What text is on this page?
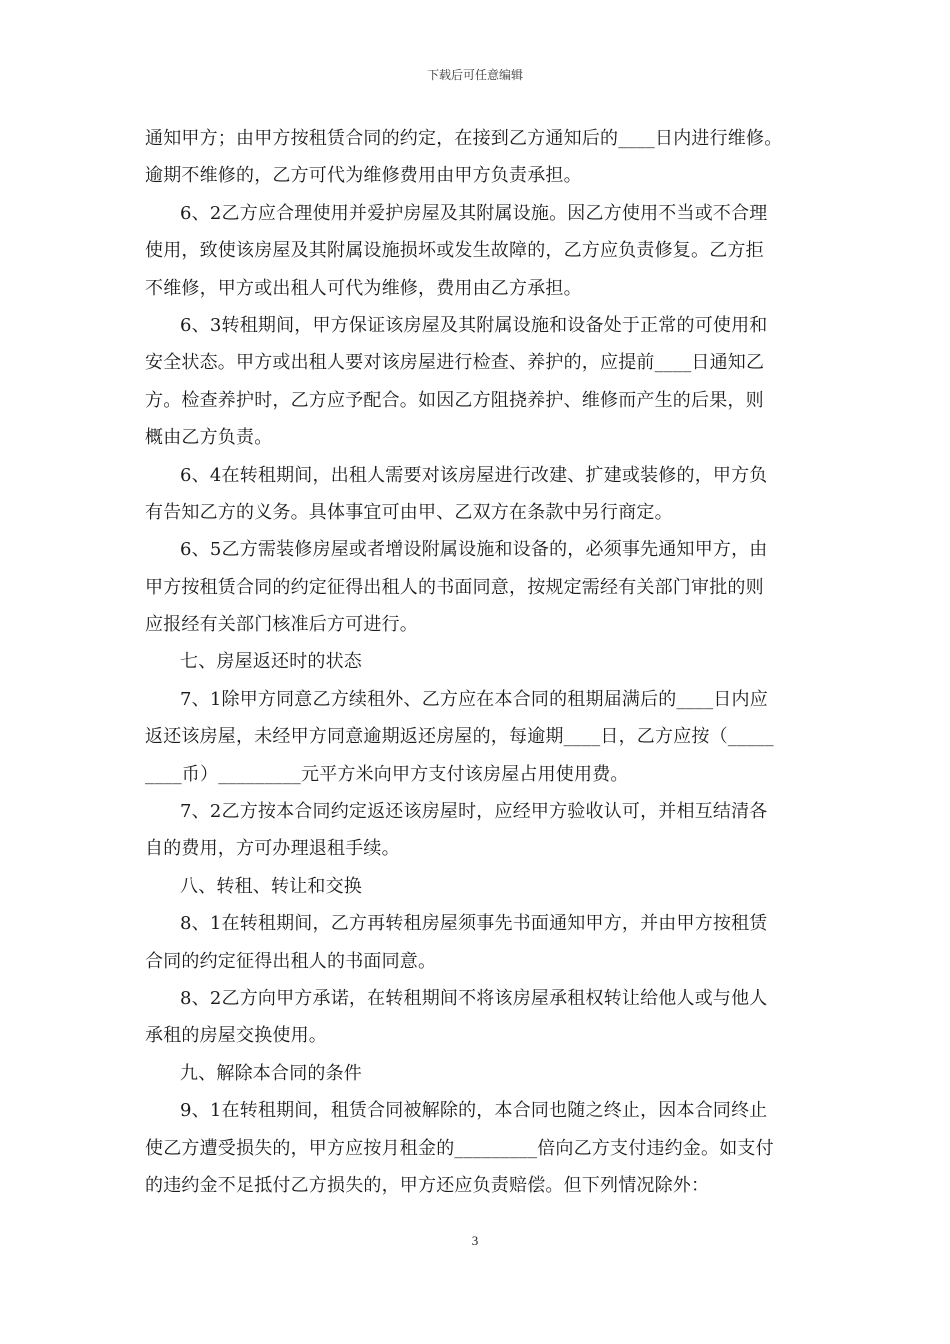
下载后可任意编辑
通知甲方；由甲方按租赁合同的约定，在接到乙方通知后的____日内进行维修。
逾期不维修的，乙方可代为维修费用由甲方负责承担。
6、2乙方应合理使用并爱护房屋及其附属设施。因乙方使用不当或不合理
使用，致使该房屋及其附属设施损坏或发生故障的，乙方应负责修复。乙方拒
不维修，甲方或出租人可代为维修，费用由乙方承担。
6、3转租期间，甲方保证该房屋及其附属设施和设备处于正常的可使用和
安全状态。甲方或出租人要对该房屋进行检查、养护的，应提前____日通知乙
方。检查养护时，乙方应予配合。如因乙方阻挠养护、维修而产生的后果，则
概由乙方负责。
6、4在转租期间，出租人需要对该房屋进行改建、扩建或装修的，甲方负
有告知乙方的义务。具体事宜可由甲、乙双方在条款中另行商定。
6、5乙方需装修房屋或者增设附属设施和设备的，必须事先通知甲方，由
甲方按租赁合同的约定征得出租人的书面同意，按规定需经有关部门审批的则
应报经有关部门核准后方可进行。
七、房屋返还时的状态
7、1除甲方同意乙方续租外、乙方应在本合同的租期届满后的____日内应
返还该房屋，未经甲方同意逾期返还房屋的，每逾期____日，乙方应按（_____
____币）_________元平方米向甲方支付该房屋占用使用费。
7、2乙方按本合同约定返还该房屋时，应经甲方验收认可，并相互结清各
自的费用，方可办理退租手续。
八、转租、转让和交换
8、1在转租期间，乙方再转租房屋须事先书面通知甲方，并由甲方按租赁
合同的约定征得出租人的书面同意。
8、2乙方向甲方承诺，在转租期间不将该房屋承租权转让给他人或与他人
承租的房屋交换使用。
九、解除本合同的条件
9、1在转租期间，租赁合同被解除的，本合同也随之终止，因本合同终止
使乙方遭受损失的，甲方应按月租金的_________倍向乙方支付违约金。如支付
的违约金不足抵付乙方损失的，甲方还应负责赔偿。但下列情况除外：
3
